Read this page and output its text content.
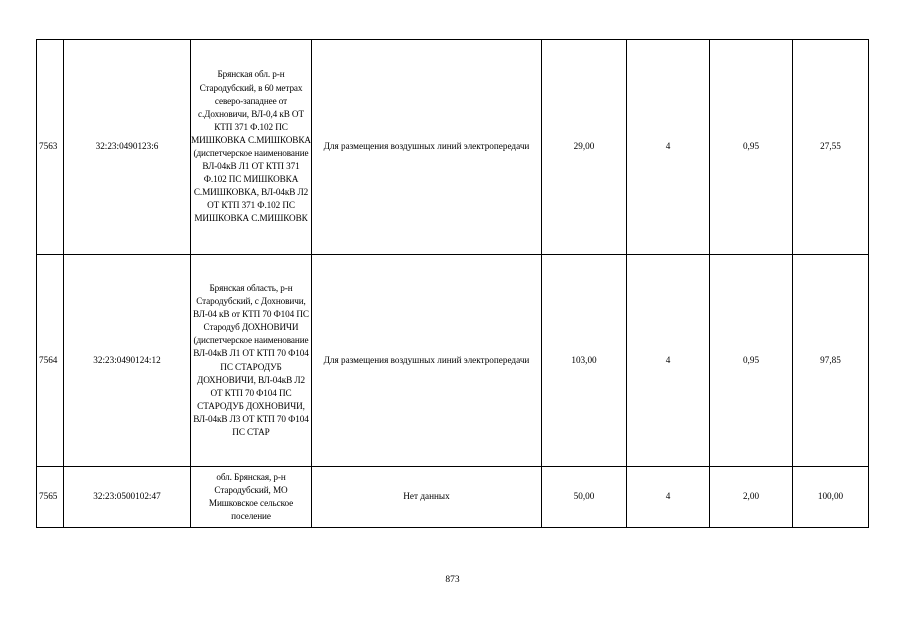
7563	32:23:0490123:6	Брянская обл. р-н Стародубский, в 60 метрах северо-западнее от с.Дохновичи, ВЛ-0,4 кВ ОТ КТП 371 Ф.102 ПС МИШКОВКА С.МИШКОВКА (диспетчерское наименование ВЛ-04кВ Л1 ОТ КТП 371 Ф.102 ПС МИШКОВКА С.МИШКОВКА, ВЛ-04кВ Л2 ОТ КТП 371 Ф.102 ПС МИШКОВКА С.МИШКОВК	Для размещения воздушных линий электропередачи	29,00	4	0,95	27,55
7564	32:23:0490124:12	Брянская область, р-н Стародубский, с Дохновичи, ВЛ-04 кВ от КТП 70 Ф104 ПС Стародуб ДОХНОВИЧИ (диспетчерское наименование ВЛ-04кВ Л1 ОТ КТП 70 Ф104 ПС СТАРОДУБ ДОХНОВИЧИ, ВЛ-04кВ Л2 ОТ КТП 70 Ф104 ПС СТАРОДУБ ДОХНОВИЧИ, ВЛ-04кВ Л3 ОТ КТП 70 Ф104 ПС СТАР	Для размещения воздушных линий электропередачи	103,00	4	0,95	97,85
7565	32:23:0500102:47	обл. Брянская, р-н Стародубский, МО Мишковское сельское поселение	Нет данных	50,00	4	2,00	100,00
873
